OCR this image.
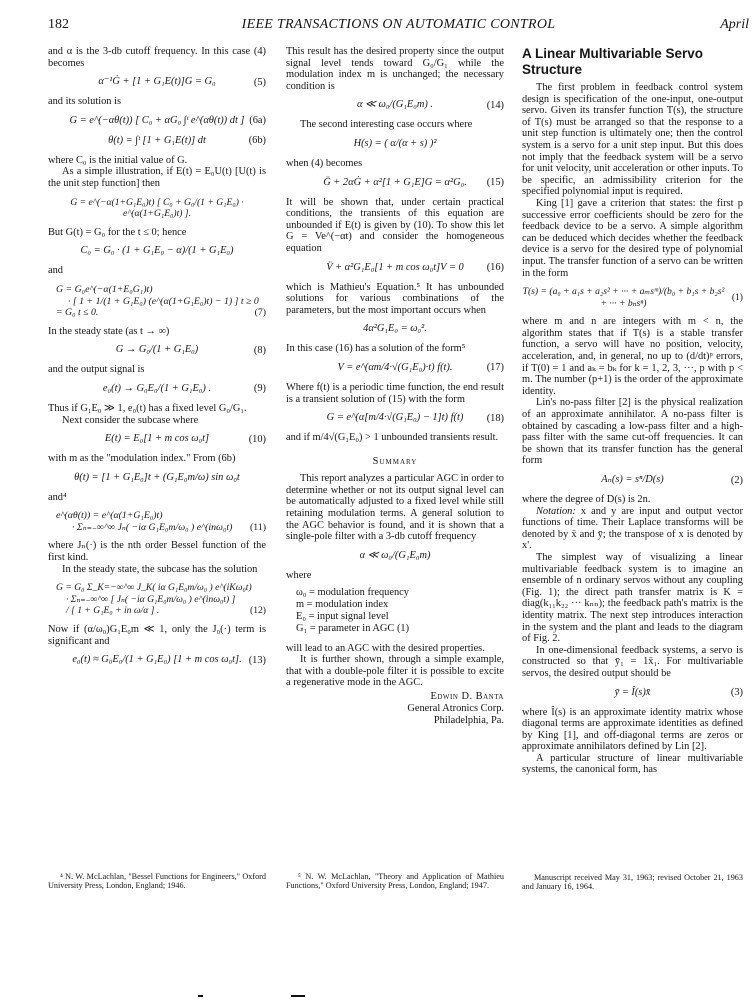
182	IEEE TRANSACTIONS ON AUTOMATIC CONTROL	April

and α is the 3-db cutoff frequency. In this case (4) becomes

α⁻¹Ġ + [1 + G₁E(t)]G = G₀	(5)

and its solution is

G = e^(−αθ(t)) [ C₀ + αG₀ ∫ᵗ e^(αθ(t)) dt ] (6a)
θ(t) = ∫ᵗ [1 + G₁E(t)] dt	(6b)

where C₀ is the initial value of G.

As a simple illustration, if E(t) = E₀U(t) [U(t) is the unit step function] then

G = e^(−α(1+G₁E₀)t) [ C₀ + G₀/(1 + G₁E₀) · e^(α(1+G₁E₀)t) ].

But G(t) = G₀ for the t ≤ 0; hence

C₀ = G₀ · (1 + G₁E₀ − α)/(1 + G₁E₀)

and

G = G₀e^(−α(1+E₀G₁)t)
· [ 1 + 1/(1 + G₁E₀) (e^(α(1+G₁E₀)t) − 1) ] t ≥ 0
= G₀ t ≤ 0.	(7)

In the steady state (as t → ∞)

G → G₀/(1 + G₁E₀)	(8)

and the output signal is

e₀(t) → G₀E₀/(1 + G₁E₀) .	(9)

Thus if G₁E₀ ≫ 1, e₀(t) has a fixed level G₀/G₁.

Next consider the subcase where

E(t) = E₀[1 + m cos ω₀t]	(10)

with m as the "modulation index." From (6b)

θ(t) = [1 + G₁E₀]t + (G₁E₀m/ω) sin ω₀t

and⁴

e^(αθ(t)) = e^(α(1+G₁E₀)t)
· Σₙ₌₋∞^∞ Jₙ( −iα G₁E₀m/ω₀ ) e^(inω₀t)	(11)

where Jₙ(·) is the nth order Bessel function of the first kind.

In the steady state, the subcase has the solution

G = G₀ Σ_K=−∞^∞ J_K( iα G₁E₀m/ω₀ ) e^(iKω₀t)
· Σₙ₌₋∞^∞ [ Jₙ( −iα G₁E₀m/ω₀ ) e^(inω₀t) ] / [ 1 + G₁E₀ + in ω/α ] .	(12)

Now if (α/ω₀)G₁E₀m ≪ 1, only the J₀(·) term is significant and

e₀(t) ≈ G₀E₀/(1 + G₁E₀) [1 + m cos ω₀t]. (13)

This result has the desired property since the output signal level tends toward G₀/G₁ while the modulation index m is unchanged; the necessary condition is

α ≪ ω₀/(G₁E₀m) .	(14)

The second interesting case occurs where

H(s) = ( α/(α + s) )²

when (4) becomes

G̈ + 2αĠ + α²[1 + G₁E]G = α²G₀. (15)

It will be shown that, under certain practical conditions, the transients of this equation are unbounded if E(t) is given by (10). To show this let G = Ve^(−αt) and consider the homogeneous equation

V̈ + α²G₁E₀[1 + m cos ω₀t]V = 0 (16)

which is Mathieu's Equation.⁵ It has unbounded solutions for various combinations of the parameters, but the most important occurs when

4α²G₁E₀ = ω₀².

In this case (16) has a solution of the form⁵

V = e^(αm/4·√(G₁E₀)·t) f(t).	(17)

Where f(t) is a periodic time function, the end result is a transient solution of (15) with the form

G = e^(α[m/4·√(G₁E₀) − 1]t) f(t) (18)

and if m/4√(G₁E₀) > 1 unbounded transients result.

Summary

This report analyzes a particular AGC in order to determine whether or not its output signal level can be automatically adjusted to a fixed level while still retaining modulation terms. A general solution to the AGC behavior is found, and it is shown that a single-pole filter with a 3-db cutoff frequency

α ≪ ω₀/(G₁E₀m)

where

ω₀ = modulation frequency
m = modulation index
E₀ = input signal level
G₁ = parameter in AGC (1)

will lead to an AGC with the desired properties.

It is further shown, through a simple example, that with a double-pole filter it is possible to excite a regenerative mode in the AGC.

Edwin D. Banta
General Atronics Corp.
Philadelphia, Pa.
A Linear Multivariable Servo Structure

The first problem in feedback control system design is specification of the one-input, one-output servo. Given its transfer function T(s), the structure of T(s) must be arranged so that the response to a unit step function is ultimately one; then the control system is a servo for a unit step input. But this does not imply that the feedback system will be a servo for unit velocity, unit acceleration or other inputs. To be specific, an admissibility criterion for the specified polynomial input is required.

King [1] gave a criterion that states: the first p successive error coefficients should be zero for the feedback device to be a servo. A simple algorithm can be deduced which decides whether the feedback device is a servo for the desired type of polynomial input. The transfer function of a servo can be written in the form

T(s) = (a₀ + a₁s + a₂s² + ··· + aₘsᵐ)/(b₀ + b₁s + b₂s² + ··· + bₙsⁿ)
(1)

where m and n are integers with m < n, the algorithm states that if T(s) is a stable transfer function, a servo will have no position, velocity, acceleration, and, in general, no up to (d/dt)ᵖ errors, if T(0) = 1 and aₖ = bₖ for k = 1, 2, 3, ···, p with p < m. The number (p+1) is the order of the approximate identity.

Lin's no-pass filter [2] is the physical realization of an approximate annihilator. A no-pass filter is obtained by cascading a low-pass filter and a high-pass filter with the same cut-off frequencies. It can be shown that its transfer function has the general form

Aₙ(s) = sⁿ/D(s)	(2)

where the degree of D(s) is 2n.

Notation: x and y are input and output vector functions of time. Their Laplace transforms will be denoted by x̄ and ȳ; the transpose of x is denoted by x'.

The simplest way of visualizing a linear multivariable feedback system is to imagine an ensemble of n ordinary servos without any coupling (Fig. 1); the direct path transfer matrix is K = diag(k₁₁k₂₂ ··· kₙₙ); the feedback path's matrix is the identity matrix. The next step introduces interaction in the system and the plant and leads to the diagram of Fig. 2.

In one-dimensional feedback systems, a servo is constructed so that ȳ₁ = 1x̄₁. For multivariable servos, the desired output should be

ȳ = Î(s)x̄	(3)

where Î(s) is an approximate identity matrix whose diagonal terms are approximate identities as defined by King [1], and off-diagonal terms are zeros or approximate annihilators defined by Lin [2].

A particular structure of linear multivariable systems, the canonical form, has

⁴ N. W. McLachlan, "Bessel Functions for Engineers," Oxford University Press, London, England; 1946.

⁵ N. W. McLachlan, "Theory and Application of Mathieu Functions," Oxford University Press, London, England; 1947.

Manuscript received May 31, 1963; revised October 21, 1963 and January 16, 1964.
